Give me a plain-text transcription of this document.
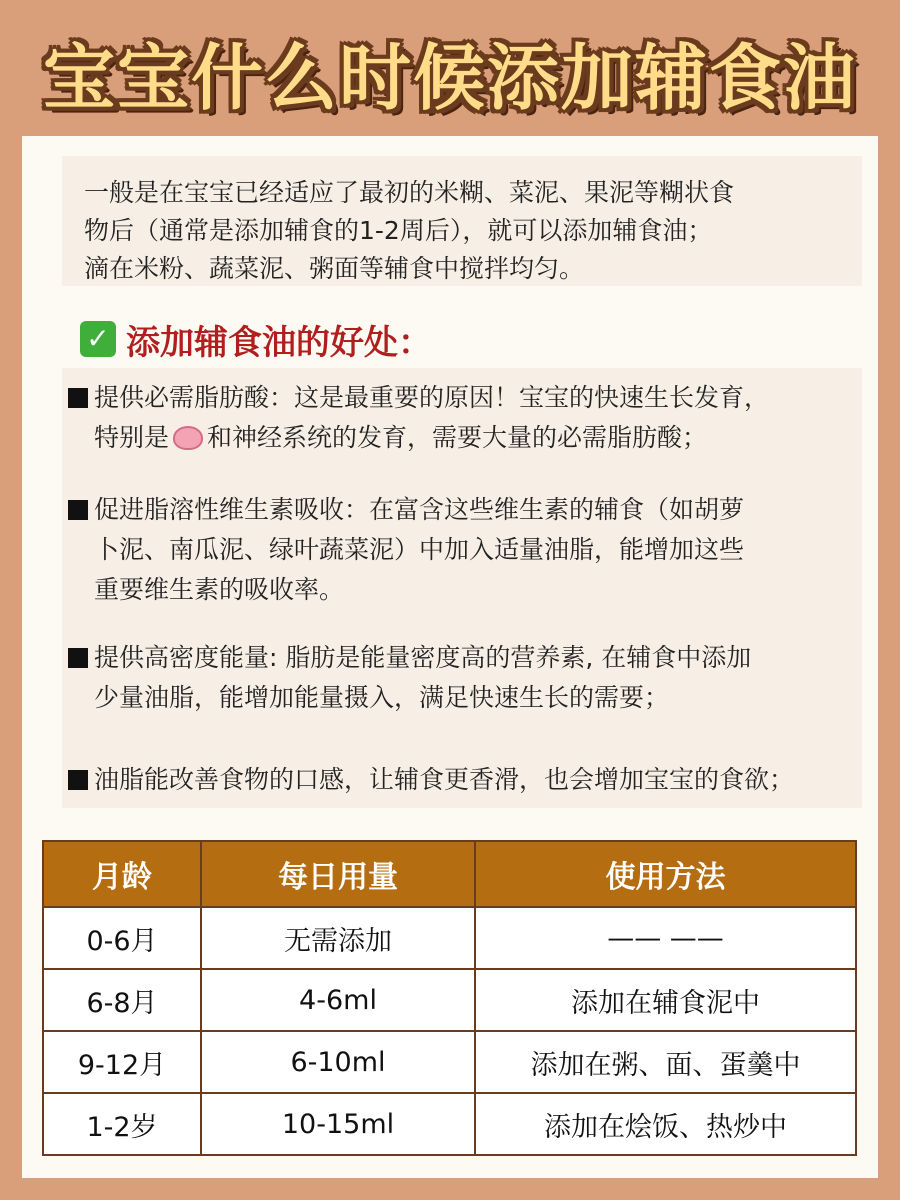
宝宝什么时候添加辅食油
一般是在宝宝已经适应了最初的米糊、菜泥、果泥等糊状食
物后（通常是添加辅食的1-2周后），就可以添加辅食油；
滴在米粉、蔬菜泥、粥面等辅食中搅拌均匀。
✓ 添加辅食油的好处：
提供必需脂肪酸：这是最重要的原因！宝宝的快速生长发育，
特别是 和神经系统的发育，需要大量的必需脂肪酸；
促进脂溶性维生素吸收：在富含这些维生素的辅食（如胡萝
卜泥、南瓜泥、绿叶蔬菜泥）中加入适量油脂，能增加这些
重要维生素的吸收率。
提供高密度能量: 脂肪是能量密度高的营养素, 在辅食中添加
少量油脂，能增加能量摄入，满足快速生长的需要；
油脂能改善食物的口感，让辅食更香滑，也会增加宝宝的食欲；
月龄	每日用量	使用方法
0-6月	无需添加	—— ——
6-8月	4-6ml	添加在辅食泥中
9-12月	6-10ml	添加在粥、面、蛋羹中
1-2岁	10-15ml	添加在烩饭、热炒中
